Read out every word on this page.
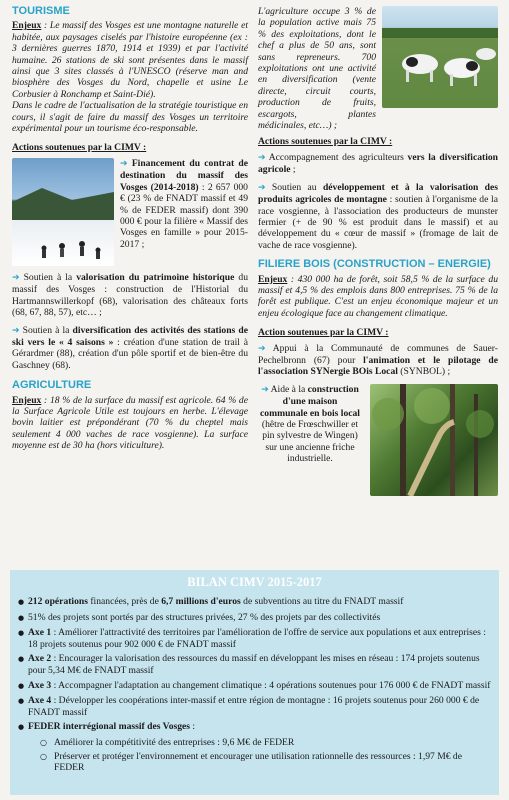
TOURISME

Enjeux : Le massif des Vosges est une montagne naturelle et habitée, aux paysages ciselés par l'histoire européenne (ex : 3 dernières guerres 1870, 1914 et 1939) et par l'activité humaine. 26 stations de ski sont présentes dans le massif ainsi que 3 sites classés à l'UNESCO (réserve man and biosphère des Vosges du Nord, chapelle et usine Le Corbusier à Ronchamp et Saint-Dié).

Dans le cadre de l'actualisation de la stratégie touristique en cours, il s'agit de faire du massif des Vosges un territoire expérimental pour un tourisme éco-responsable.

Actions soutenues par la CIMV :

➔ Financement du contrat de destination du massif des Vosges (2014-2018) : 2 657 000 € (23 % de FNADT massif et 49 % de FEDER massif) dont 390 000 € pour la filière « Massif des Vosges en famille » pour 2015-2017 ;

➔ Soutien à la valorisation du patrimoine historique du massif des Vosges : construction de l'Historial du Hartmannswillerkopf (68), valorisation des châteaux forts (68, 67, 88, 57), etc… ;

➔ Soutien à la diversification des activités des stations de ski vers le « 4 saisons » : création d'une station de trail à Gérardmer (88), création d'un pôle sportif et de bien-être du Gaschney (68).

AGRICULTURE

Enjeux : 18 % de la surface du massif est agricole. 64 % de la Surface Agricole Utile est toujours en herbe. L'élevage bovin laitier est prépondérant (70 % du cheptel mais seulement 4 000 vaches de race vosgienne). La surface moyenne est de 30 ha (hors viticulture).

L'agriculture occupe 3 % de la population active mais 75 % des exploitations, dont le chef a plus de 50 ans, sont sans repreneurs. 700 exploitations ont une activité en diversification (vente directe, circuit courts, production de fruits, escargots, plantes médicinales, etc…) ;

Actions soutenues par la CIMV :

➔ Accompagnement des agriculteurs vers la diversification agricole ;

➔ Soutien au développement et à la valorisation des produits agricoles de montagne : soutien à l'organisme de la race vosgienne, à l'association des producteurs de munster fermier (+ de 90 % est produit dans le massif) et au développement du « cœur de massif » (fromage de lait de vache de race vosgienne).

FILIERE BOIS (CONSTRUCTION – ENERGIE)

Enjeux : 430 000 ha de forêt, soit 58,5 % de la surface du massif et 4,5 % des emplois dans 800 entreprises. 75 % de la forêt est publique. C'est un enjeu économique majeur et un enjeu écologique face au changement climatique.

Action soutenues par la CIMV :

➔ Appui à la Communauté de communes de Sauer-Pechelbronn (67) pour l'animation et le pilotage de l'association SYNergie BOis Local (SYNBOL) ;

➔ Aide à la construction d'une maison communale en bois local (hêtre de Frœschwiller et pin sylvestre de Wingen) sur une ancienne friche industrielle.

BILAN CIMV 2015-2017
● 212 opérations financées, près de 6,7 millions d'euros de subventions au titre du FNADT massif
● 51% des projets sont portés par des structures privées, 27 % des projets par des collectivités
● Axe 1 : Améliorer l'attractivité des territoires par l'amélioration de l'offre de service aux populations et aux entreprises : 18 projets soutenus pour 902 000 € de FNADT massif
● Axe 2 : Encourager la valorisation des ressources du massif en développant les mises en réseau : 174 projets soutenus pour 5,34 M€ de FNADT massif
● Axe 3 : Accompagner l'adaptation au changement climatique : 4 opérations soutenues pour 176 000 € de FNADT massif
● Axe 4 : Développer les coopérations inter-massif et entre région de montagne : 16 projets soutenus pour 260 000 € de FNADT massif
● FEDER interrégional massif des Vosges :
○ Améliorer la compétitivité des entreprises : 9,6 M€ de FEDER
○ Préserver et protéger l'environnement et encourager une utilisation rationnelle des ressources : 1,97 M€ de FEDER
